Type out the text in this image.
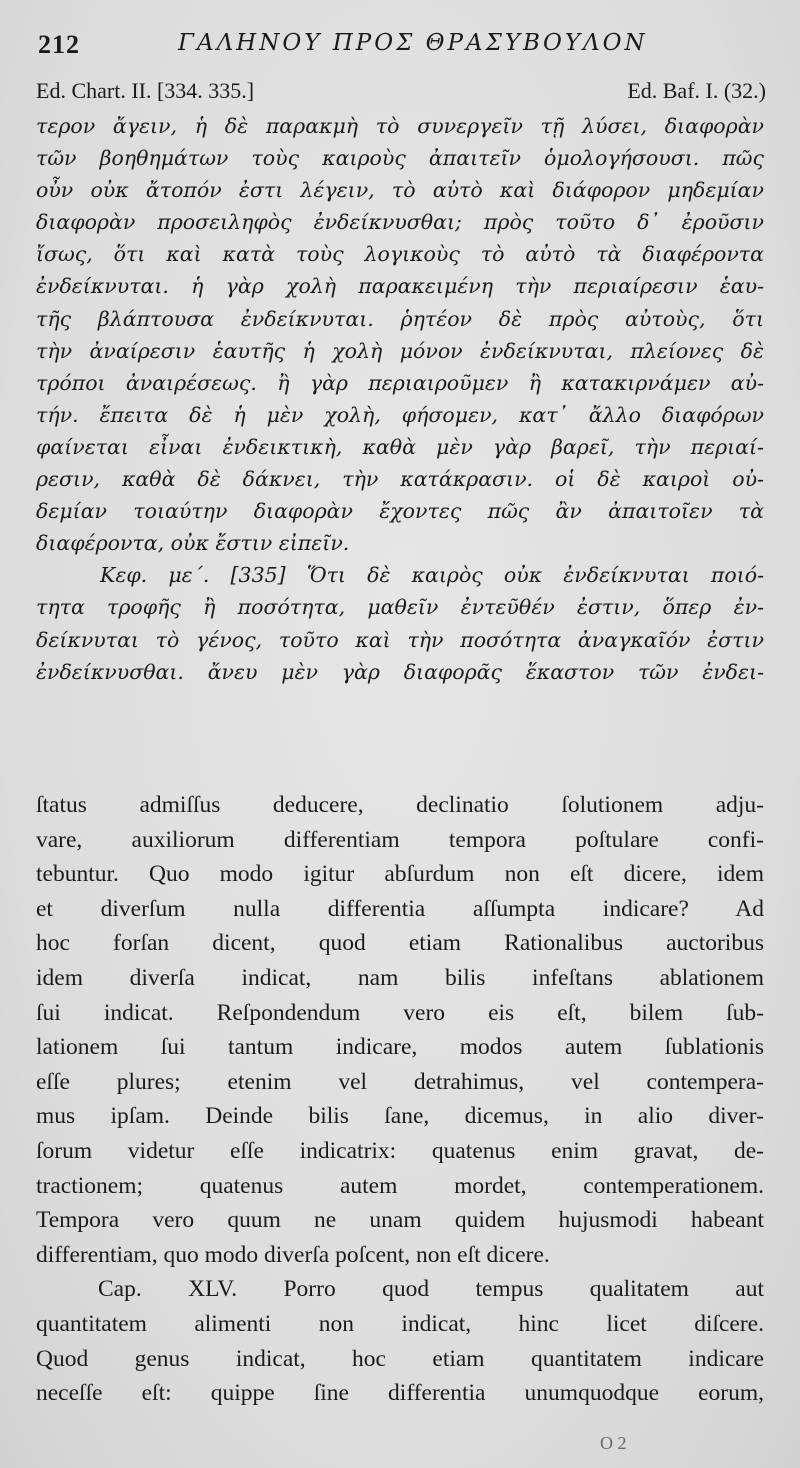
212	ΓΑΛΗΝΟΥ ΠΡΟΣ ΘΡΑΣΥΒΟΥΛΟΝ
Ed. Chart. II. [334. 335.]	Ed. Baf. I. (32.)
τερον ἄγειν, ἡ δὲ παρακμὴ τὸ συνεργεῖν τῇ λύσει, διαφορὰν
τῶν βοηθημάτων τοὺς καιροὺς ἀπαιτεῖν ὁμολογήσουσι. πῶς
οὖν οὐκ ἄτοπόν ἐστι λέγειν, τὸ αὐτὸ καὶ διάφορον μηδεμίαν
διαφορὰν προσειληφὸς ἐνδείκνυσθαι; πρὸς τοῦτο δ᾽ ἐροῦσιν
ἴσως, ὅτι καὶ κατὰ τοὺς λογικοὺς τὸ αὐτὸ τὰ διαφέροντα
ἐνδείκνυται. ἡ γὰρ χολὴ παρακειμένη τὴν περιαίρεσιν ἑαυ-
τῆς βλάπτουσα ἐνδείκνυται. ῥητέον δὲ πρὸς αὐτοὺς, ὅτι
τὴν ἀναίρεσιν ἑαυτῆς ἡ χολὴ μόνον ἐνδείκνυται, πλείονες δὲ
τρόποι ἀναιρέσεως. ἢ γὰρ περιαιροῦμεν ἢ κατακιρνάμεν αὐ-
τήν. ἔπειτα δὲ ἡ μὲν χολὴ, φήσομεν, κατ᾽ ἄλλο διαφόρων
φαίνεται εἶναι ἐνδεικτικὴ, καθὰ μὲν γὰρ βαρεῖ, τὴν περιαί-
ρεσιν, καθὰ δὲ δάκνει, τὴν κατάκρασιν. οἱ δὲ καιροὶ οὐ-
δεμίαν τοιαύτην διαφορὰν ἔχοντες πῶς ἂν ἀπαιτοῖεν τὰ
διαφέροντα, οὐκ ἔστιν εἰπεῖν.
Κεφ. με΄. [335] Ὅτι δὲ καιρὸς οὐκ ἐνδείκνυται ποιό-
τητα τροφῆς ἢ ποσότητα, μαθεῖν ἐντεῦθέν ἐστιν, ὅπερ ἐν-
δείκνυται τὸ γένος, τοῦτο καὶ τὴν ποσότητα ἀναγκαῖόν ἐστιν
ἐνδείκνυσθαι. ἄνευ μὲν γὰρ διαφορᾶς ἕκαστον τῶν ἐνδει-
ſtatus admiſſus deducere, declinatio ſolutionem adju-
vare, auxiliorum differentiam tempora poſtulare confi-
tebuntur. Quo modo igitur abſurdum non eſt dicere, idem
et diverſum nulla differentia aſſumpta indicare? Ad
hoc forſan dicent, quod etiam Rationalibus auctoribus
idem diverſa indicat, nam bilis infeſtans ablationem
ſui indicat. Reſpondendum vero eis eſt, bilem ſub-
lationem ſui tantum indicare, modos autem ſublationis
eſſe plures; etenim vel detrahimus, vel contempera-
mus ipſam. Deinde bilis ſane, dicemus, in alio diver-
ſorum videtur eſſe indicatrix: quatenus enim gravat, de-
tractionem; quatenus autem mordet, contemperationem.
Tempora vero quum ne unam quidem hujusmodi habeant
differentiam, quo modo diverſa poſcent, non eſt dicere.
Cap. XLV. Porro quod tempus qualitatem aut
quantitatem alimenti non indicat, hinc licet diſcere.
Quod genus indicat, hoc etiam quantitatem indicare
neceſſe eſt: quippe ſine differentia unumquodque eorum,
O 2
